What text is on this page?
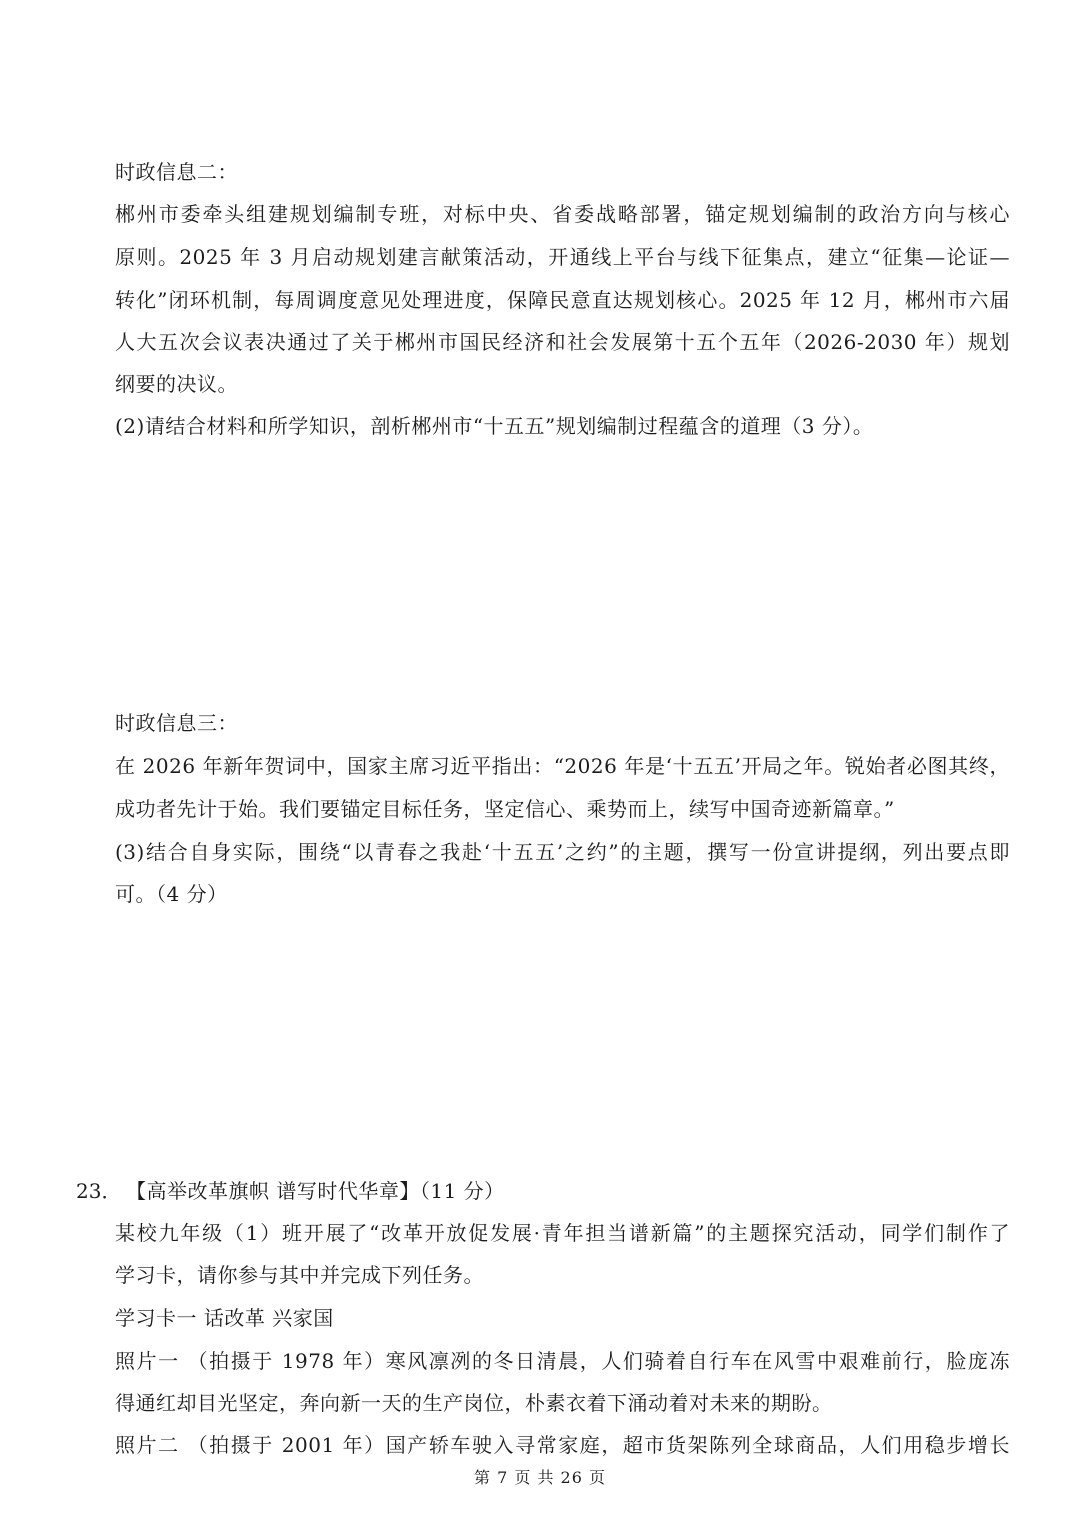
时政信息二：
郴州市委牵头组建规划编制专班，对标中央、省委战略部署，锚定规划编制的政治方向与核心
原则。2025 年 3 月启动规划建言献策活动，开通线上平台与线下征集点，建立“征集—论证—
转化”闭环机制，每周调度意见处理进度，保障民意直达规划核心。2025 年 12 月，郴州市六届
人大五次会议表决通过了关于郴州市国民经济和社会发展第十五个五年（2026-2030 年）规划
纲要的决议。
(2)请结合材料和所学知识，剖析郴州市“十五五”规划编制过程蕴含的道理（3 分）。
时政信息三：
在 2026 年新年贺词中，国家主席习近平指出：“2026 年是‘十五五’开局之年。锐始者必图其终，
成功者先计于始。我们要锚定目标任务，坚定信心、乘势而上，续写中国奇迹新篇章。”
(3)结合自身实际，围绕“以青春之我赴‘十五五’之约”的主题，撰写一份宣讲提纲，列出要点即
可。（4 分）
23． 【高举改革旗帜 谱写时代华章】（11 分）
某校九年级（1）班开展了“改革开放促发展·青年担当谱新篇”的主题探究活动，同学们制作了
学习卡，请你参与其中并完成下列任务。
学习卡一 话改革 兴家国
照片一 （拍摄于 1978 年）寒风凛冽的冬日清晨，人们骑着自行车在风雪中艰难前行，脸庞冻
得通红却目光坚定，奔向新一天的生产岗位，朴素衣着下涌动着对未来的期盼。
照片二 （拍摄于 2001 年）国产轿车驶入寻常家庭，超市货架陈列全球商品，人们用稳步增长
第 7 页 共 26 页
